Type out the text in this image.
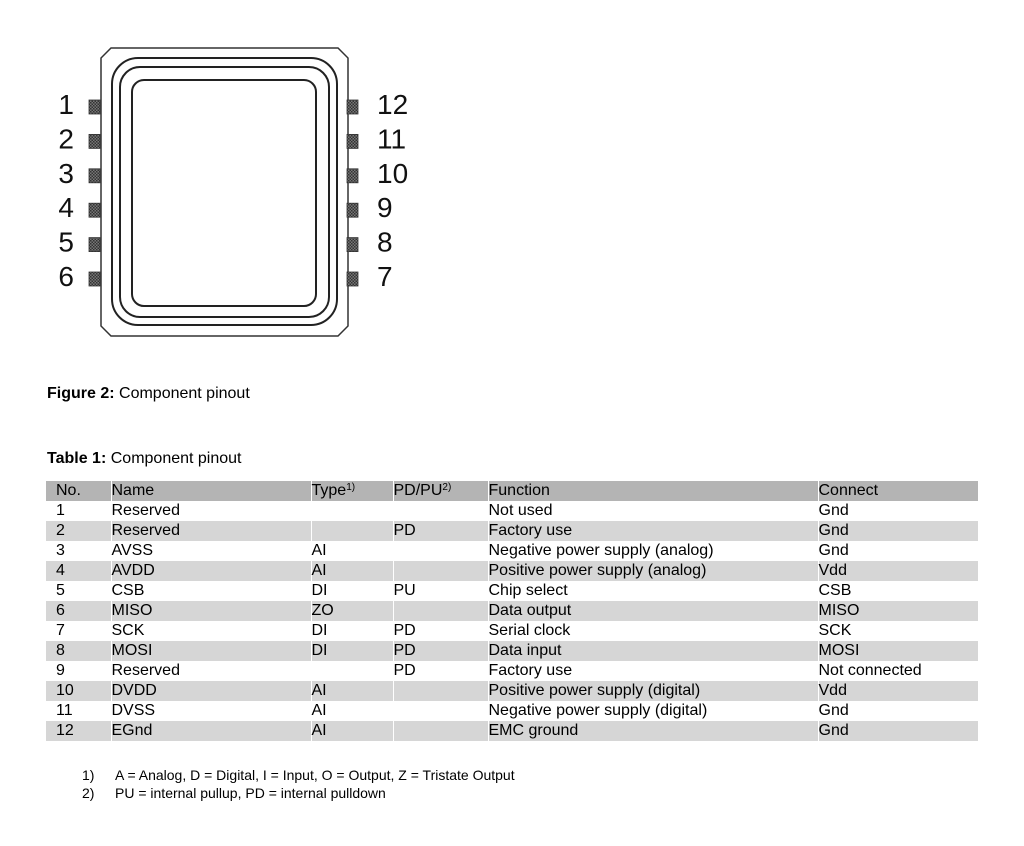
1
2
3
4
5
6
12
11
10
9
8
7
Figure 2: Component pinout
Table 1: Component pinout
No.	Name	Type$^{1)}$	PD/PU$^{2)}$	Function	Connect
1	Reserved			Not used	Gnd
2	Reserved		PD	Factory use	Gnd
3	AVSS	AI		Negative power supply (analog)	Gnd
4	AVDD	AI		Positive power supply (analog)	Vdd
5	CSB	DI	PU	Chip select	CSB
6	MISO	ZO		Data output	MISO
7	SCK	DI	PD	Serial clock	SCK
8	MOSI	DI	PD	Data input	MOSI
9	Reserved		PD	Factory use	Not connected
10	DVDD	AI		Positive power supply (digital)	Vdd
11	DVSS	AI		Negative power supply (digital)	Gnd
12	EGnd	AI		EMC ground	Gnd
1)	A = Analog, D = Digital, I = Input, O = Output, Z = Tristate Output
2)	PU = internal pullup, PD = internal pulldown
